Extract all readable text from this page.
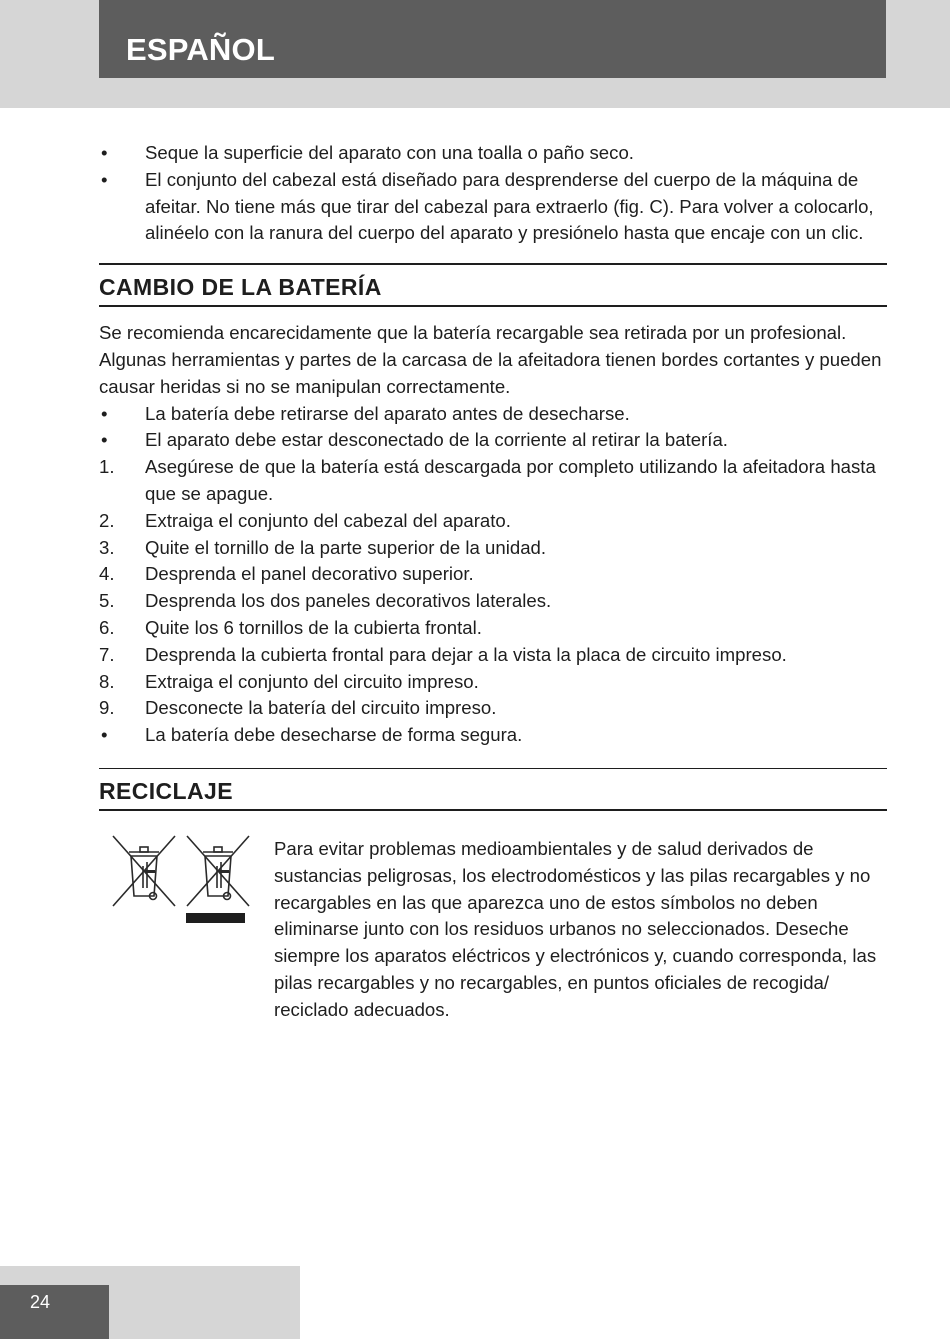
ESPAÑOL
•	Seque la superficie del aparato con una toalla o paño seco.
•	El conjunto del cabezal está diseñado para desprenderse del cuerpo de la máquina de afeitar. No tiene más que tirar del cabezal para extraerlo (fig. C). Para volver a colocarlo, alinéelo con la ranura del cuerpo del aparato y presiónelo hasta que encaje con un clic.
CAMBIO DE LA BATERÍA

Se recomienda encarecidamente que la batería recargable sea retirada por un profesional. Algunas herramientas y partes de la carcasa de la afeitadora tienen bordes cortantes y pueden causar heridas si no se manipulan correctamente.

•	La batería debe retirarse del aparato antes de desecharse.
•	El aparato debe estar desconectado de la corriente al retirar la batería.
1.	Asegúrese de que la batería está descargada por completo utilizando la afeitadora hasta que se apague.
2.	Extraiga el conjunto del cabezal del aparato.
3.	Quite el tornillo de la parte superior de la unidad.
4.	Desprenda el panel decorativo superior.
5.	Desprenda los dos paneles decorativos laterales.
6.	Quite los 6 tornillos de la cubierta frontal.
7.	Desprenda la cubierta frontal para dejar a la vista la placa de circuito impreso.
8.	Extraiga el conjunto del circuito impreso.
9.	Desconecte la batería del circuito impreso.
•	La batería debe desecharse de forma segura.
RECICLAJE

Para evitar problemas medioambientales y de salud derivados de sustancias peligrosas, los electrodomésticos y las pilas recargables y no recargables en las que aparezca uno de estos símbolos no deben eliminarse junto con los residuos urbanos no seleccionados. Deseche siempre los aparatos eléctricos y electrónicos y, cuando corresponda, las pilas recargables y no recargables, en puntos oficiales de recogida/ reciclado adecuados.

24
